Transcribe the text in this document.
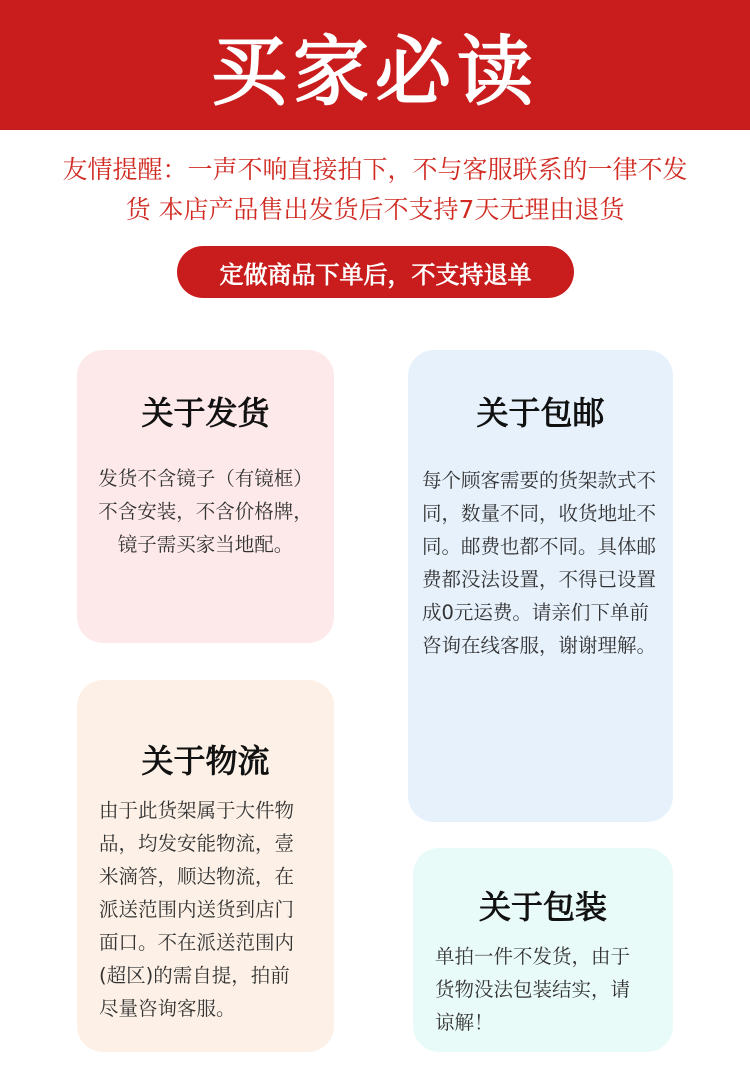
买家必读
友情提醒：一声不响直接拍下，不与客服联系的一律不发
货 本店产品售出发货后不支持7天无理由退货
定做商品下单后，不支持退单
关于发货
发货不含镜子（有镜框）
不含安装，不含价格牌，
镜子需买家当地配。
关于包邮
每个顾客需要的货架款式不
同，数量不同，收货地址不
同。邮费也都不同。具体邮
费都没法设置，不得已设置
成0元运费。请亲们下单前
咨询在线客服，谢谢理解。
关于物流
由于此货架属于大件物
品，均发安能物流，壹
米滴答，顺达物流，在
派送范围内送货到店门
面口。不在派送范围内
(超区)的需自提，拍前
尽量咨询客服。
关于包装
单拍一件不发货，由于
货物没法包装结实，请
谅解！
